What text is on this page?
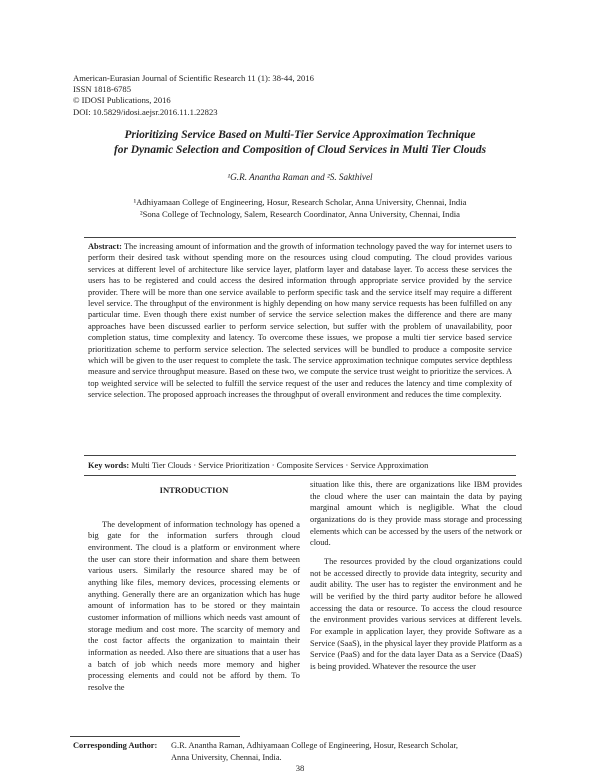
American-Eurasian Journal of Scientific Research 11 (1): 38-44, 2016
ISSN 1818-6785
© IDOSI Publications, 2016
DOI: 10.5829/idosi.aejsr.2016.11.1.22823
Prioritizing Service Based on Multi-Tier Service Approximation Technique
for Dynamic Selection and Composition of Cloud Services in Multi Tier Clouds
¹G.R. Anantha Raman and ²S. Sakthivel
¹Adhiyamaan College of Engineering, Hosur, Research Scholar, Anna University, Chennai, India
²Sona College of Technology, Salem, Research Coordinator, Anna University, Chennai, India
Abstract: The increasing amount of information and the growth of information technology paved the way for internet users to perform their desired task without spending more on the resources using cloud computing. The cloud provides various services at different level of architecture like service layer, platform layer and database layer. To access these services the users has to be registered and could access the desired information through appropriate service provided by the service provider. There will be more than one service available to perform specific task and the service itself may require a different level service. The throughput of the environment is highly depending on how many service requests has been fulfilled on any particular time. Even though there exist number of service the service selection makes the difference and there are many approaches have been discussed earlier to perform service selection, but suffer with the problem of unavailability, poor completion status, time complexity and latency. To overcome these issues, we propose a multi tier service based service prioritization scheme to perform service selection. The selected services will be bundled to produce a composite service which will be given to the user request to complete the task. The service approximation technique computes service depthless measure and service throughput measure. Based on these two, we compute the service trust weight to prioritize the services. A top weighted service will be selected to fulfill the service request of the user and reduces the latency and time complexity of service selection. The proposed approach increases the throughput of overall environment and reduces the time complexity.
Key words: Multi Tier Clouds · Service Prioritization · Composite Services · Service Approximation
INTRODUCTION

The development of information technology has opened a big gate for the information surfers through cloud environment. The cloud is a platform or environment where the user can store their information and share them between various users. Similarly the resource shared may be of anything like files, memory devices, processing elements or anything. Generally there are an organization which has huge amount of information has to be stored or they maintain customer information of millions which needs vast amount of storage medium and cost more. The scarcity of memory and the cost factor affects the organization to maintain their information as needed. Also there are situations that a user has a batch of job which needs more memory and higher processing elements and could not be afford by them. To resolve the

situation like this, there are organizations like IBM provides the cloud where the user can maintain the data by paying marginal amount which is negligible. What the cloud organizations do is they provide mass storage and processing elements which can be accessed by the users of the network or cloud.

The resources provided by the cloud organizations could not be accessed directly to provide data integrity, security and audit ability. The user has to register the environment and he will be verified by the third party auditor before he allowed accessing the data or resource. To access the cloud resource the environment provides various services at different levels. For example in application layer, they provide Software as a Service (SaaS), in the physical layer they provide Platform as a Service (PaaS) and for the data layer Data as a Service (DaaS) is being provided. Whatever the resource the user

Corresponding Author: G.R. Anantha Raman, Adhiyamaan College of Engineering, Hosur, Research Scholar,
Anna University, Chennai, India.
38
